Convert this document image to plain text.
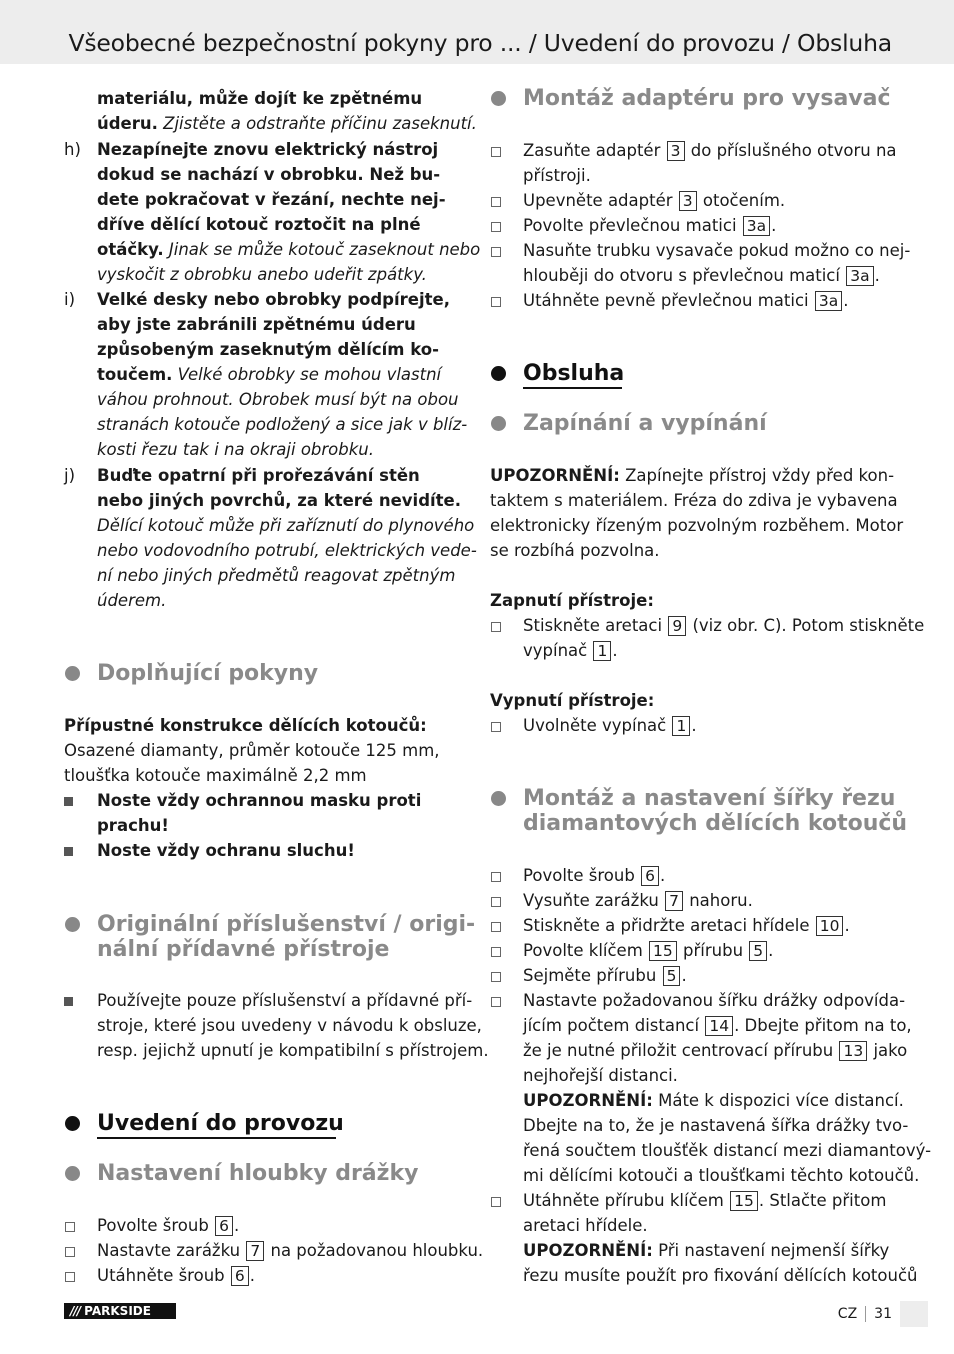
Všeobecné bezpečnostní pokyny pro ... / Uvedení do provozu / Obsluha
materiálu, může dojít ke zpětnému
úderu. Zjistěte a odstraňte příčinu zaseknutí.
h) Nezapínejte znovu elektrický nástroj
dokud se nachází v obrobku. Než bu-
dete pokračovat v řezání, nechte nej-
dříve dělící kotouč roztočit na plné
otáčky. Jinak se může kotouč zaseknout nebo
vyskočit z obrobku anebo udeřit zpátky.
i) Velké desky nebo obrobky podpírejte,
aby jste zabránili zpětnému úderu
způsobeným zaseknutým dělícím ko-
toučem. Velké obrobky se mohou vlastní
váhou prohnout. Obrobek musí být na obou
stranách kotouče podložený a sice jak v blíz-
kosti řezu tak i na okraji obrobku.
j) Buďte opatrní při prořezávání stěn
nebo jiných povrchů, za které nevidíte.
Dělící kotouč může při zaříznutí do plynového
nebo vodovodního potrubí, elektrických vede-
ní nebo jiných předmětů reagovat zpětným
úderem.
Doplňující pokyny
Přípustné konstrukce dělících kotoučů:
Osazené diamanty, průměr kotouče 125 mm,
tloušťka kotouče maximálně 2,2 mm
Noste vždy ochrannou masku proti
prachu!
Noste vždy ochranu sluchu!
Originální příslušenství / origi-
nální přídavné přístroje
Používejte pouze příslušenství a přídavné pří-
stroje, které jsou uvedeny v návodu k obsluze,
resp. jejichž upnutí je kompatibilní s přístrojem.
Uvedení do provozu
Nastavení hloubky drážky
Povolte šroub 6 .
Nastavte zarážku 7 na požadovanou hloubku.
Utáhněte šroub 6 .
Montáž adaptéru pro vysavač
Zasuňte adaptér 3 do příslušného otvoru na
přístroji.
Upevněte adaptér 3 otočením.
Povolte převlečnou matici 3a .
Nasuňte trubku vysavače pokud možno co nej-
hlouběji do otvoru s převlečnou maticí 3a .
Utáhněte pevně převlečnou matici 3a .
Obsluha
Zapínání a vypínání
UPOZORNĚNÍ: Zapínejte přístroj vždy před kon-
taktem s materiálem. Fréza do zdiva je vybavena
elektronicky řízeným pozvolným rozběhem. Motor
se rozbíhá pozvolna.
Zapnutí přístroje:
Stiskněte aretaci 9 (viz obr. C). Potom stiskněte
vypínač 1 .
Vypnutí přístroje:
Uvolněte vypínač 1 .
Montáž a nastavení šířky řezu
diamantových dělících kotoučů
Povolte šroub 6 .
Vysuňte zarážku 7 nahoru.
Stiskněte a přidržte aretaci hřídele 10 .
Povolte klíčem 15 přírubu 5 .
Sejměte přírubu 5 .
Nastavte požadovanou šířku drážky odpovída-
jícím počtem distancí 14 . Dbejte přitom na to,
že je nutné přiložit centrovací přírubu 13 jako
nejhořejší distanci.
UPOZORNĚNÍ: Máte k dispozici více distancí.
Dbejte na to, že je nastavená šířka drážky tvo-
řená součtem tloušťěk distancí mezi diamantový-
mi dělícími kotouči a tloušťkami těchto kotoučů.
Utáhněte přírubu klíčem 15 . Stlačte přitom
aretaci hřídele.
UPOZORNĚNÍ: Při nastavení nejmenší šířky
řezu musíte použít pro fixování dělících kotoučů
/// PARKSIDE	CZ 31
